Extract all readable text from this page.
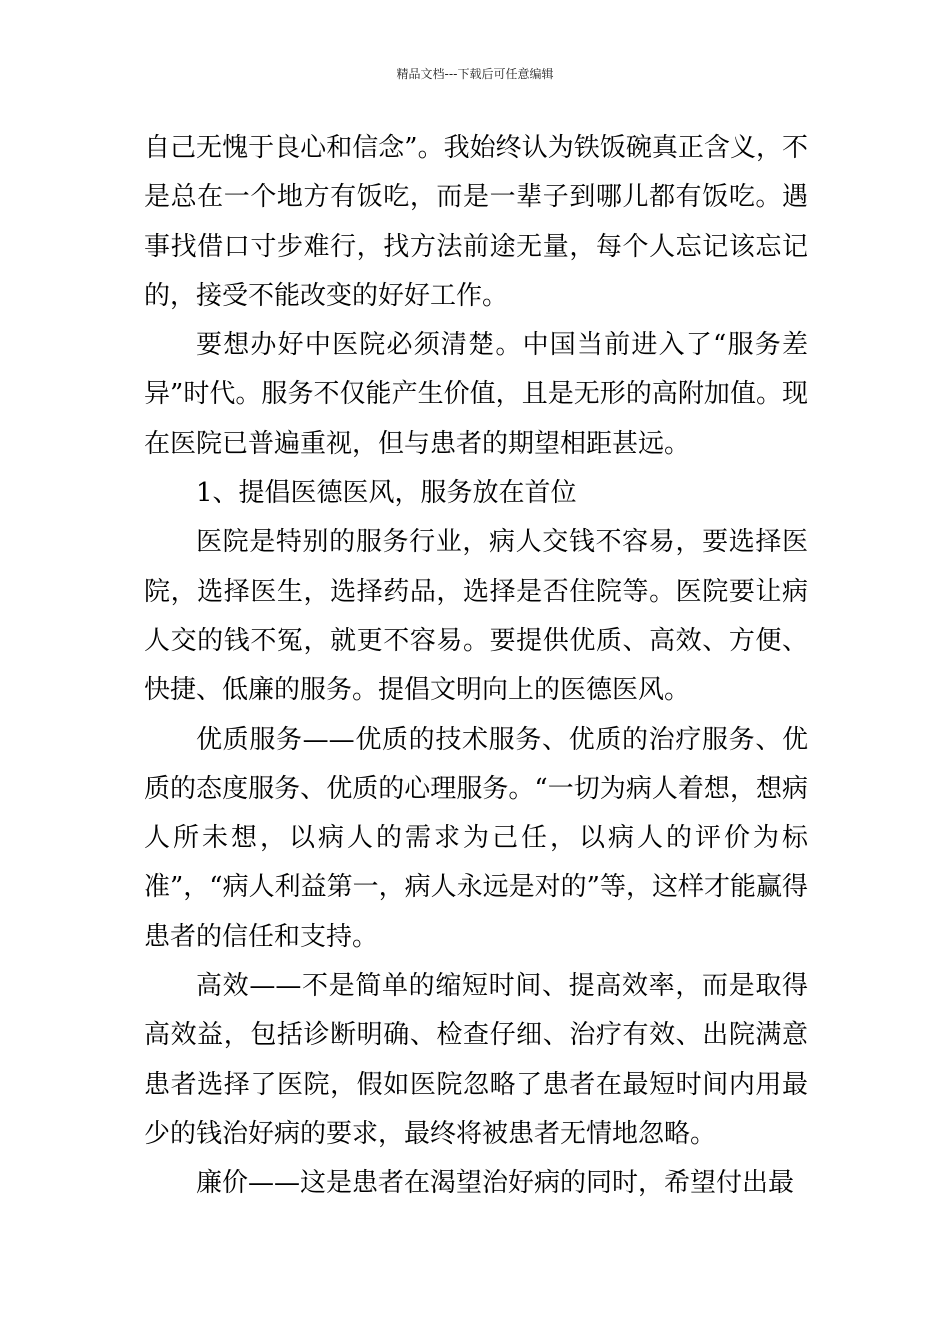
精品文档---下载后可任意编辑

自己无愧于良心和信念”。我始终认为铁饭碗真正含义，不是总在一个地方有饭吃，而是一辈子到哪儿都有饭吃。遇事找借口寸步难行，找方法前途无量，每个人忘记该忘记的，接受不能改变的好好工作。

要想办好中医院必须清楚。中国当前进入了“服务差异”时代。服务不仅能产生价值，且是无形的高附加值。现在医院已普遍重视，但与患者的期望相距甚远。

1、提倡医德医风，服务放在首位

医院是特别的服务行业，病人交钱不容易，要选择医院，选择医生，选择药品，选择是否住院等。医院要让病人交的钱不冤，就更不容易。要提供优质、高效、方便、快捷、低廉的服务。提倡文明向上的医德医风。

优质服务——优质的技术服务、优质的治疗服务、优质的态度服务、优质的心理服务。“一切为病人着想，想病人所未想，以病人的需求为己任，以病人的评价为标准”，“病人利益第一，病人永远是对的”等，这样才能赢得患者的信任和支持。

高效——不是简单的缩短时间、提高效率，而是取得高效益，包括诊断明确、检查仔细、治疗有效、出院满意患者选择了医院，假如医院忽略了患者在最短时间内用最少的钱治好病的要求，最终将被患者无情地忽略。

廉价——这是患者在渴望治好病的同时，希望付出最
